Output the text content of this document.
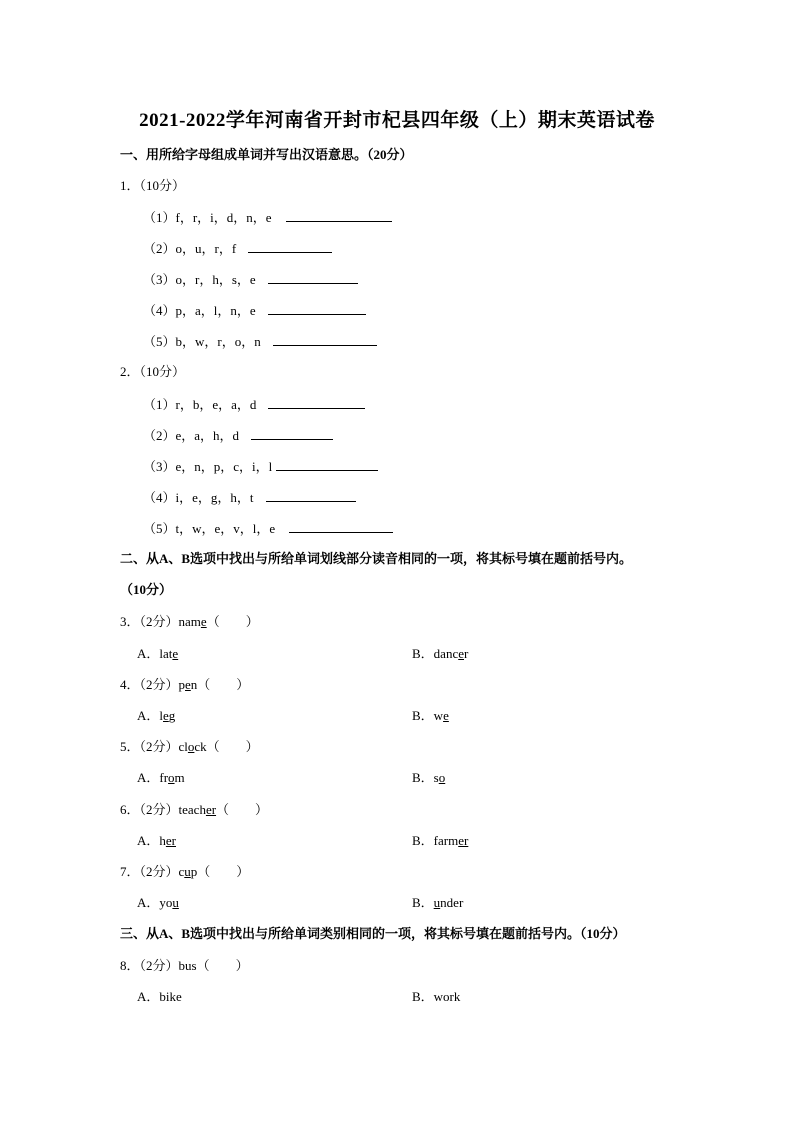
2021-2022学年河南省开封市杞县四年级（上）期末英语试卷
一、用所给字母组成单词并写出汉语意思。（20分）
1．（10分）
（1）f，r，i，d，n，e
（2）o，u，r，f
（3）o，r，h，s，e
（4）p，a，l，n，e
（5）b，w，r，o，n
2．（10分）
（1）r，b，e，a，d
（2）e，a，h，d
（3）e，n，p，c，i，l
（4）i，e，g，h，t
（5）t，w，e，v，l，e
二、从A、B选项中找出与所给单词划线部分读音相同的一项，将其标号填在题前括号内。
（10分）
3．（2分）name（　　）
A．late	B．dancer
4．（2分）pen（　　）
A．leg	B．we
5．（2分）clock（　　）
A．from	B．so
6．（2分）teacher（　　）
A．her	B．farmer
7．（2分）cup（　　）
A．you	B．under
三、从A、B选项中找出与所给单词类别相同的一项，将其标号填在题前括号内。（10分）
8．（2分）bus（　　）
A．bike	B．work
